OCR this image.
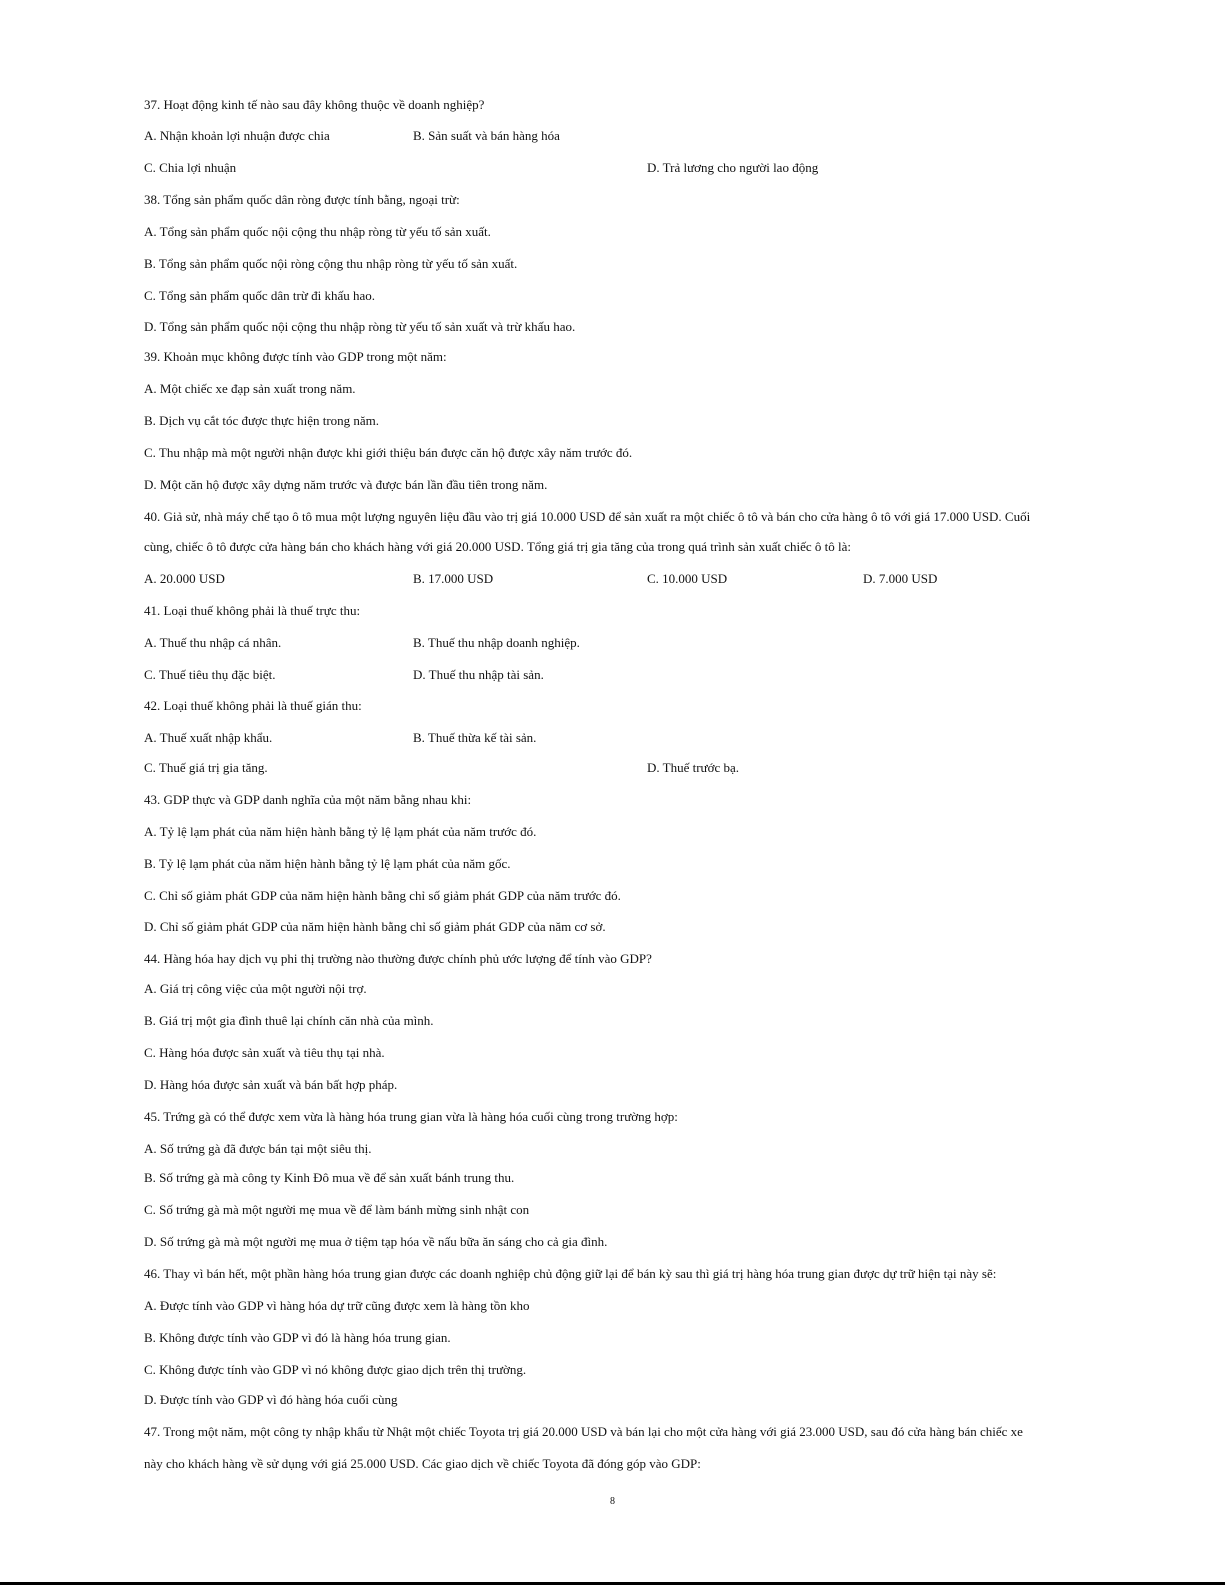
37. Hoạt động kinh tế nào sau đây không thuộc về doanh nghiệp?
A. Nhận khoản lợi nhuận được chia	B. Sản suất và bán hàng hóa
C. Chia lợi nhuận	D. Trả lương cho người lao động
38. Tổng sản phẩm quốc dân ròng được tính bằng, ngoại trừ:
A. Tổng sản phẩm quốc nội cộng thu nhập ròng từ yếu tố sản xuất.
B. Tổng sản phẩm quốc nội ròng cộng thu nhập ròng từ yếu tố sản xuất.
C. Tổng sản phẩm quốc dân trừ đi khấu hao.
D. Tổng sản phẩm quốc nội cộng thu nhập ròng từ yếu tố sản xuất và trừ khấu hao.
39. Khoản mục không được tính vào GDP trong một năm:
A. Một chiếc xe đạp sản xuất trong năm.
B. Dịch vụ cắt tóc được thực hiện trong năm.
C. Thu nhập mà một người nhận được khi giới thiệu bán được căn hộ được xây năm trước đó.
D. Một căn hộ được xây dựng năm trước và được bán lần đầu tiên trong năm.
40. Giả sử, nhà máy chế tạo ô tô mua một lượng nguyên liệu đầu vào trị giá 10.000 USD để sản xuất ra một chiếc ô tô và bán cho cửa hàng ô tô với giá 17.000 USD. Cuối
cùng, chiếc ô tô được cửa hàng bán cho khách hàng với giá 20.000 USD. Tổng giá trị gia tăng của trong quá trình sản xuất chiếc ô tô là:
A. 20.000 USD	B. 17.000 USD	C. 10.000 USD	D. 7.000 USD
41. Loại thuế không phải là thuế trực thu:
A. Thuế thu nhập cá nhân.	B. Thuế thu nhập doanh nghiệp.
C. Thuế tiêu thụ đặc biệt.	D. Thuế thu nhập tài sản.
42. Loại thuế không phải là thuế gián thu:
A. Thuế xuất nhập khẩu.	B. Thuế thừa kế tài sản.
C. Thuế giá trị gia tăng.	D. Thuế trước bạ.
43. GDP thực và GDP danh nghĩa của một năm bằng nhau khi:
A. Tỷ lệ lạm phát của năm hiện hành bằng tỷ lệ lạm phát của năm trước đó.
B. Tỷ lệ lạm phát của năm hiện hành bằng tỷ lệ lạm phát của năm gốc.
C. Chỉ số giảm phát GDP của năm hiện hành bằng chỉ số giảm phát GDP của năm trước đó.
D. Chỉ số giảm phát GDP của năm hiện hành bằng chỉ số giảm phát GDP của năm cơ sở.
44. Hàng hóa hay dịch vụ phi thị trường nào thường được chính phủ ước lượng để tính vào GDP?
A. Giá trị công việc của một người nội trợ.
B. Giá trị một gia đình thuê lại chính căn nhà của mình.
C. Hàng hóa được sản xuất và tiêu thụ tại nhà.
D. Hàng hóa được sản xuất và bán bất hợp pháp.
45. Trứng gà có thể được xem vừa là hàng hóa trung gian vừa là hàng hóa cuối cùng trong trường hợp:
A. Số trứng gà đã được bán tại một siêu thị.
B. Số trứng gà mà công ty Kinh Đô mua về để sản xuất bánh trung thu.
C. Số trứng gà mà một người mẹ mua về để làm bánh mừng sinh nhật con
D. Số trứng gà mà một người mẹ mua ở tiệm tạp hóa về nấu bữa ăn sáng cho cả gia đình.
46. Thay vì bán hết, một phần hàng hóa trung gian được các doanh nghiệp chủ động giữ lại để bán kỳ sau thì giá trị hàng hóa trung gian được dự trữ hiện tại này sẽ:
A. Được tính vào GDP vì hàng hóa dự trữ cũng được xem là hàng tồn kho
B. Không được tính vào GDP vì đó là hàng hóa trung gian.
C. Không được tính vào GDP vì nó không được giao dịch trên thị trường.
D. Được tính vào GDP vì đó hàng hóa cuối cùng
47. Trong một năm, một công ty nhập khẩu từ Nhật một chiếc Toyota trị giá 20.000 USD và bán lại cho một cửa hàng với giá 23.000 USD, sau đó cửa hàng bán chiếc xe
này cho khách hàng về sử dụng với giá 25.000 USD. Các giao dịch về chiếc Toyota đã đóng góp vào GDP:
8
